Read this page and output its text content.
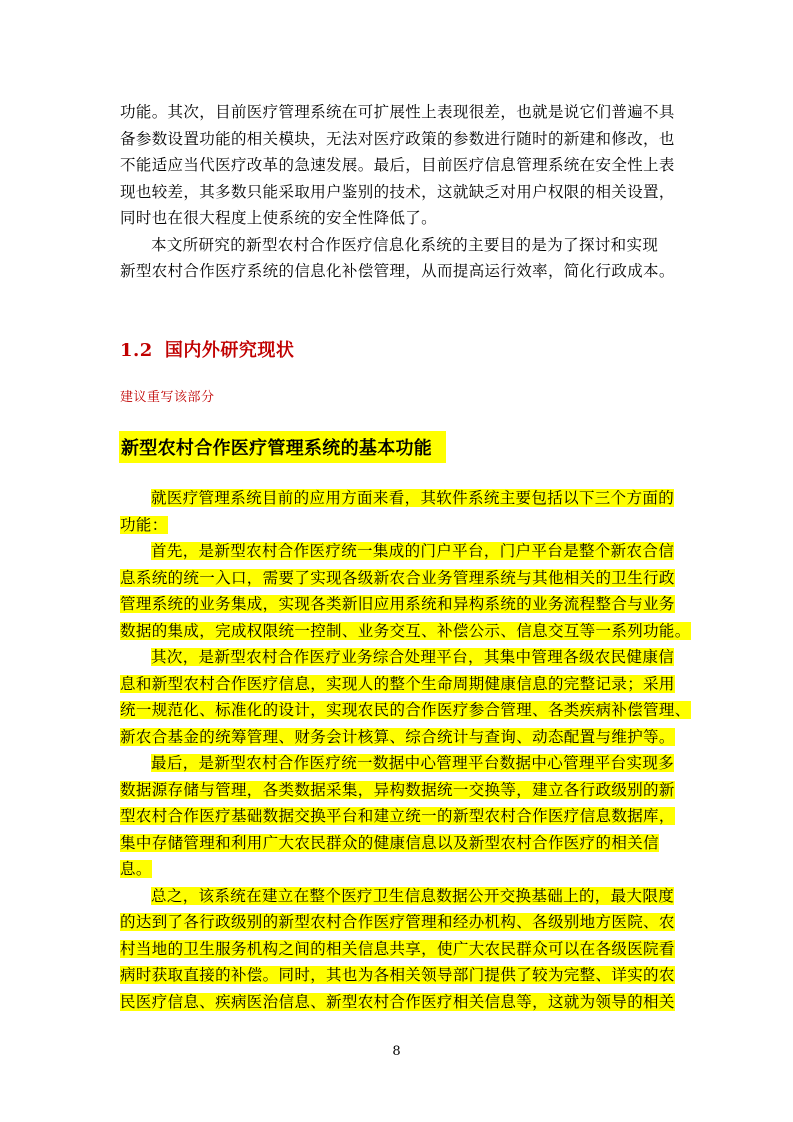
功能。其次，目前医疗管理系统在可扩展性上表现很差，也就是说它们普遍不具
备参数设置功能的相关模块，无法对医疗政策的参数进行随时的新建和修改，也
不能适应当代医疗改革的急速发展。最后，目前医疗信息管理系统在安全性上表
现也较差，其多数只能采取用户鉴别的技术，这就缺乏对用户权限的相关设置，
同时也在很大程度上使系统的安全性降低了。
本文所研究的新型农村合作医疗信息化系统的主要目的是为了探讨和实现
新型农村合作医疗系统的信息化补偿管理，从而提高运行效率，简化行政成本。
1.2 国内外研究现状
建议重写该部分
新型农村合作医疗管理系统的基本功能
就医疗管理系统目前的应用方面来看，其软件系统主要包括以下三个方面的
功能：
首先，是新型农村合作医疗统一集成的门户平台，门户平台是整个新农合信
息系统的统一入口，需要了实现各级新农合业务管理系统与其他相关的卫生行政
管理系统的业务集成，实现各类新旧应用系统和异构系统的业务流程整合与业务
数据的集成，完成权限统一控制、业务交互、补偿公示、信息交互等一系列功能。
其次，是新型农村合作医疗业务综合处理平台，其集中管理各级农民健康信
息和新型农村合作医疗信息，实现人的整个生命周期健康信息的完整记录；采用
统一规范化、标准化的设计，实现农民的合作医疗参合管理、各类疾病补偿管理、
新农合基金的统筹管理、财务会计核算、综合统计与查询、动态配置与维护等。
最后，是新型农村合作医疗统一数据中心管理平台数据中心管理平台实现多
数据源存储与管理，各类数据采集，异构数据统一交换等，建立各行政级别的新
型农村合作医疗基础数据交换平台和建立统一的新型农村合作医疗信息数据库，
集中存储管理和利用广大农民群众的健康信息以及新型农村合作医疗的相关信
息。
总之，该系统在建立在整个医疗卫生信息数据公开交换基础上的，最大限度
的达到了各行政级别的新型农村合作医疗管理和经办机构、各级别地方医院、农
村当地的卫生服务机构之间的相关信息共享，使广大农民群众可以在各级医院看
病时获取直接的补偿。同时，其也为各相关领导部门提供了较为完整、详实的农
民医疗信息、疾病医治信息、新型农村合作医疗相关信息等，这就为领导的相关
8
